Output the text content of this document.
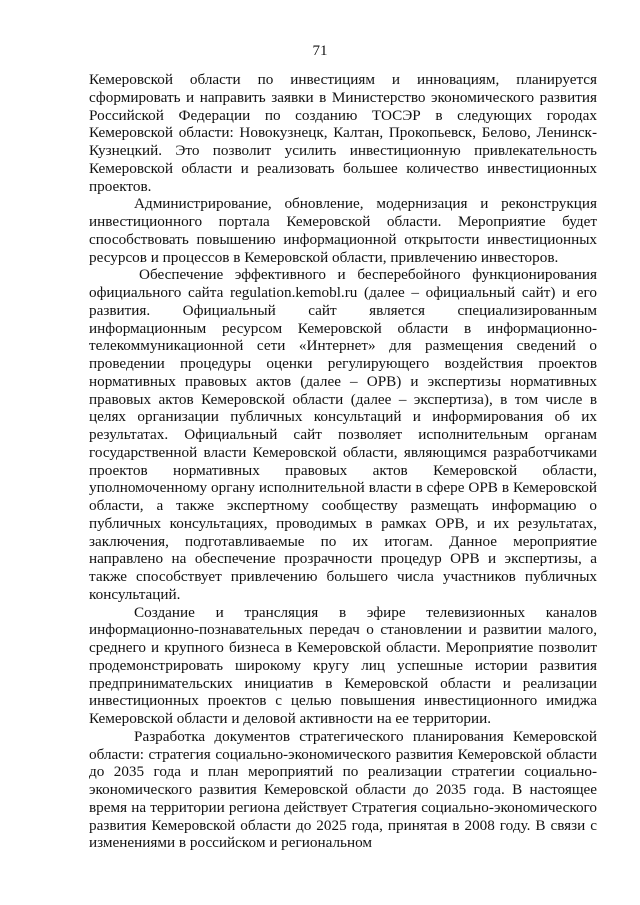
71

Кемеровской области по инвестициям и инновациям, планируется сформировать и направить заявки в Министерство экономического развития Российской Федерации по созданию ТОСЭР в следующих городах Кемеровской области: Новокузнецк, Калтан, Прокопьевск, Белово, Ленинск-Кузнецкий. Это позволит усилить инвестиционную привлекательность Кемеровской области и реализовать большее количество инвестиционных проектов.

Администрирование, обновление, модернизация и реконструкция инвестиционного портала Кемеровской области. Мероприятие будет способствовать повышению информационной открытости инвестиционных ресурсов и процессов в Кемеровской области, привлечению инвесторов.

Обеспечение эффективного и бесперебойного функционирования официального сайта regulation.kemobl.ru (далее – официальный сайт) и его развития. Официальный сайт является специализированным информационным ресурсом Кемеровской области в информационно-телекоммуникационной сети «Интернет» для размещения сведений о проведении процедуры оценки регулирующего воздействия проектов нормативных правовых актов (далее – ОРВ) и экспертизы нормативных правовых актов Кемеровской области (далее – экспертиза), в том числе в целях организации публичных консультаций и информирования об их результатах. Официальный сайт позволяет исполнительным органам государственной власти Кемеровской области, являющимся разработчиками проектов нормативных правовых актов Кемеровской области, уполномоченному органу исполнительной власти в сфере ОРВ в Кемеровской области, а также экспертному сообществу размещать информацию о публичных консультациях, проводимых в рамках ОРВ, и их результатах, заключения, подготавливаемые по их итогам. Данное мероприятие направлено на обеспечение прозрачности процедур ОРВ и экспертизы, а также способствует привлечению большего числа участников публичных консультаций.

Создание и трансляция в эфире телевизионных каналов информационно-познавательных передач о становлении и развитии малого, среднего и крупного бизнеса в Кемеровской области. Мероприятие позволит продемонстрировать широкому кругу лиц успешные истории развития предпринимательских инициатив в Кемеровской области и реализации инвестиционных проектов с целью повышения инвестиционного имиджа Кемеровской области и деловой активности на ее территории.

Разработка документов стратегического планирования Кемеровской области: стратегия социально-экономического развития Кемеровской области до 2035 года и план мероприятий по реализации стратегии социально-экономического развития Кемеровской области до 2035 года. В настоящее время на территории региона действует Стратегия социально-экономического развития Кемеровской области до 2025 года, принятая в 2008 году. В связи с изменениями в российском и региональном
